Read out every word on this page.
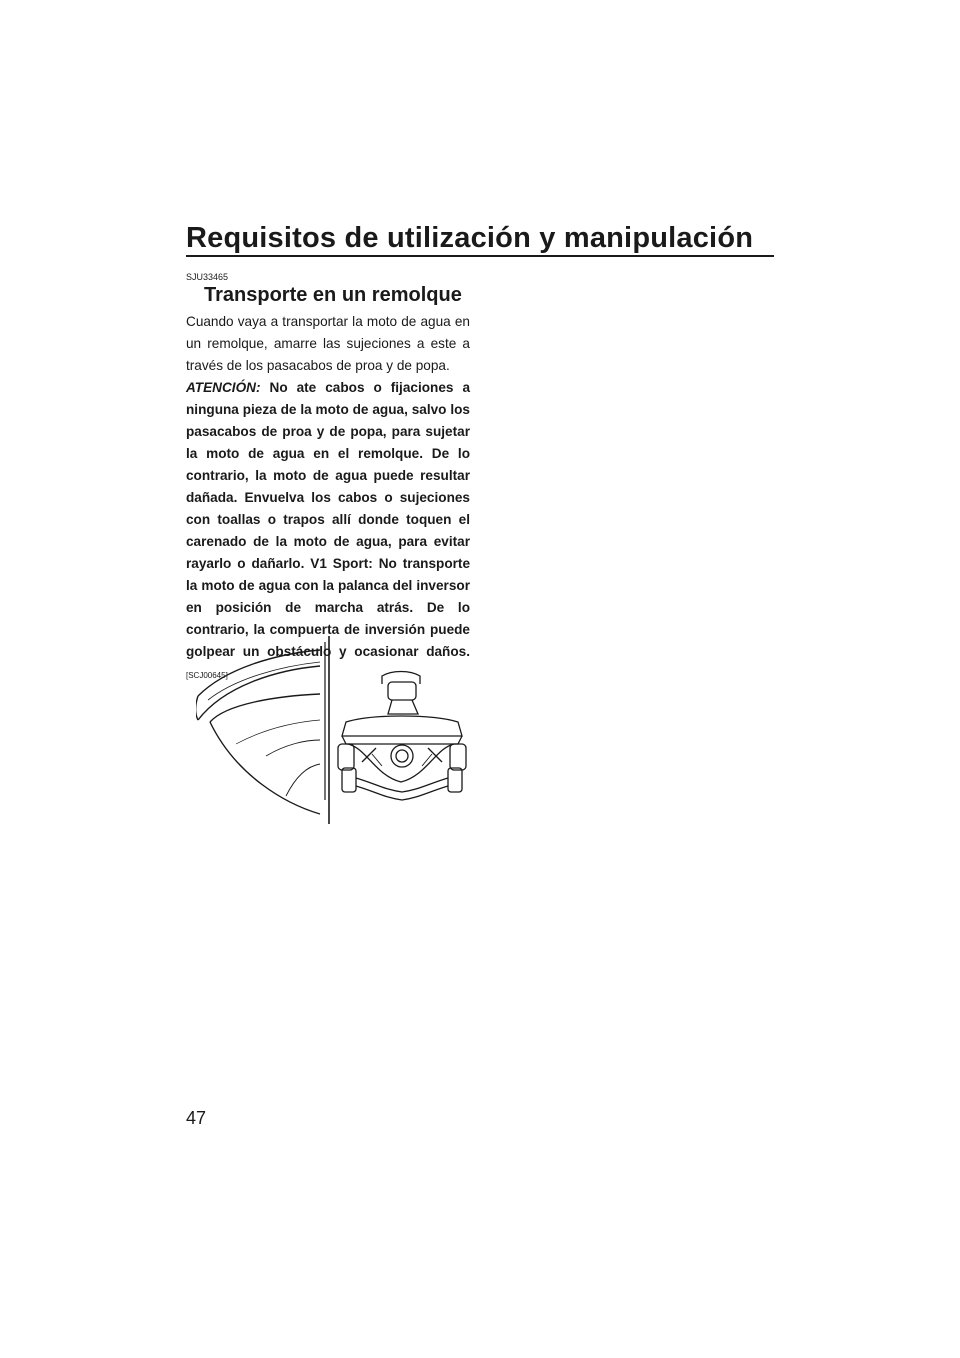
Requisitos de utilización y manipulación

SJU33465

Transporte en un remolque

Cuando vaya a transportar la moto de agua en un remolque, amarre las sujeciones a este a través de los pasacabos de proa y de popa.

ATENCIÓN: No ate cabos o fijaciones a ninguna pieza de la moto de agua, salvo los pasacabos de proa y de popa, para sujetar la moto de agua en el remolque. De lo contrario, la moto de agua puede resultar dañada. Envuelva los cabos o sujeciones con toallas o trapos allí donde toquen el carenado de la moto de agua, para evitar rayarlo o dañarlo. V1 Sport: No transporte la moto de agua con la palanca del inversor en posición de marcha atrás. De lo contrario, la compuerta de inversión puede golpear un obstáculo y ocasionar daños. [SCJ00645]

47
